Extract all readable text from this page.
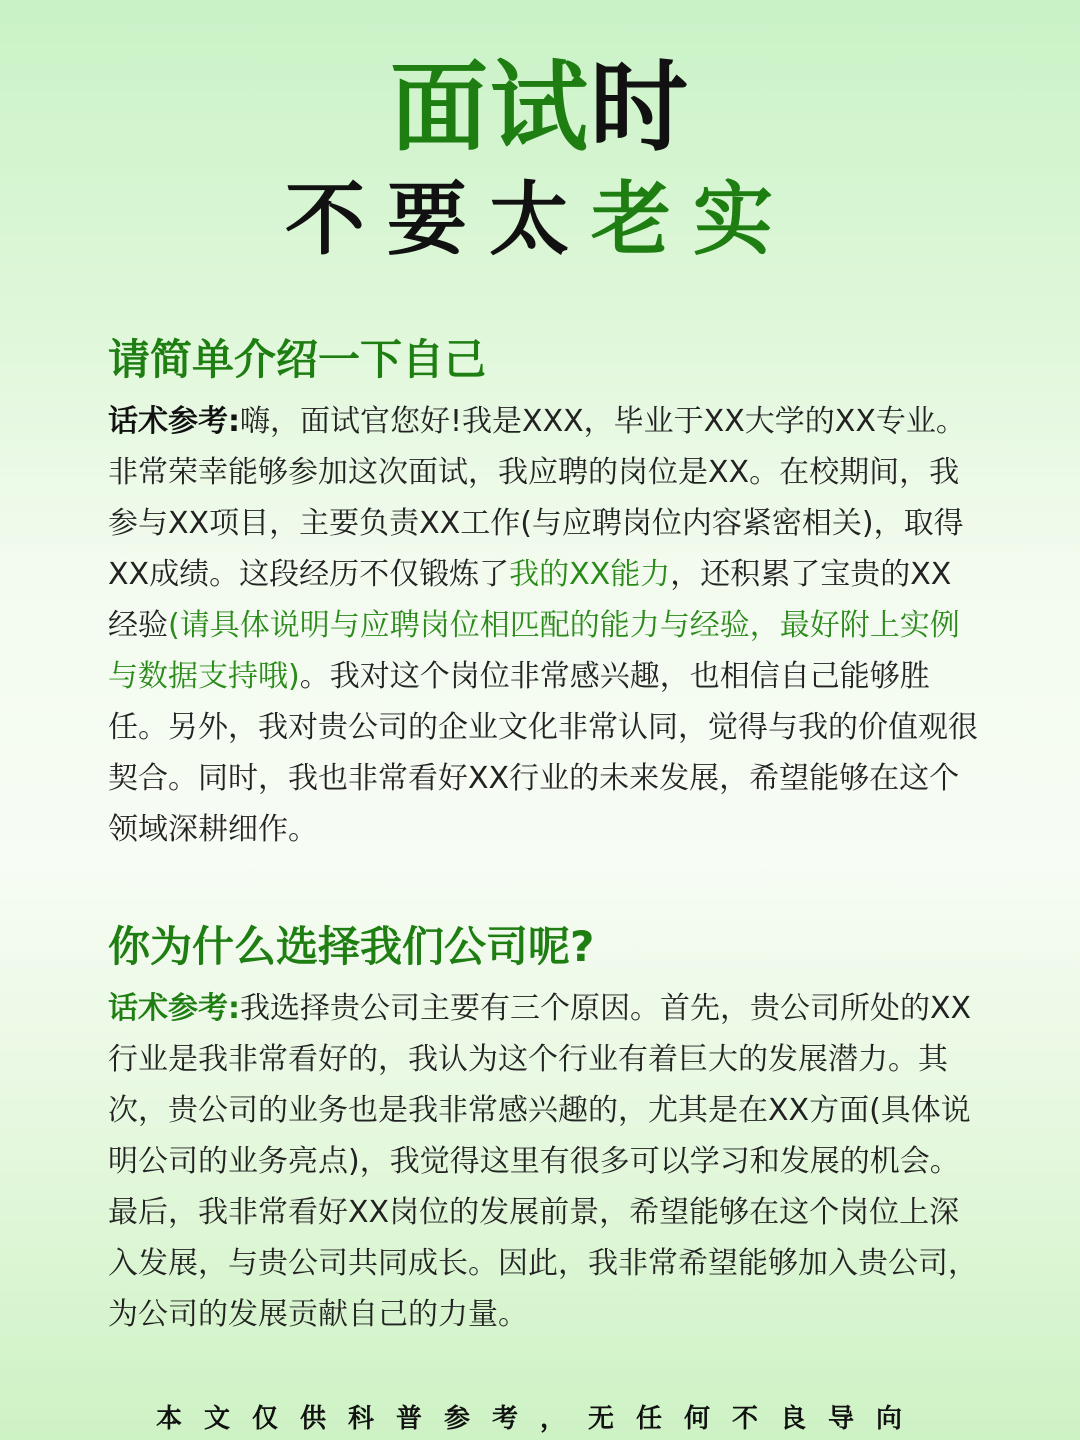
面试时
不要太老实
请简单介绍一下自己
话术参考:嗨，面试官您好!我是XXX，毕业于XX大学的XX专业。非常荣幸能够参加这次面试，我应聘的岗位是XX。在校期间，我参与XX项目，主要负责XX工作(与应聘岗位内容紧密相关)，取得XX成绩。这段经历不仅锻炼了我的XX能力，还积累了宝贵的XX经验(请具体说明与应聘岗位相匹配的能力与经验，最好附上实例与数据支持哦)。我对这个岗位非常感兴趣，也相信自己能够胜任。另外，我对贵公司的企业文化非常认同，觉得与我的价值观很契合。同时，我也非常看好XX行业的未来发展，希望能够在这个领域深耕细作。
你为什么选择我们公司呢?
话术参考:我选择贵公司主要有三个原因。首先，贵公司所处的XX行业是我非常看好的，我认为这个行业有着巨大的发展潜力。其次，贵公司的业务也是我非常感兴趣的，尤其是在XX方面(具体说明公司的业务亮点)，我觉得这里有很多可以学习和发展的机会。最后，我非常看好XX岗位的发展前景，希望能够在这个岗位上深入发展，与贵公司共同成长。因此，我非常希望能够加入贵公司，为公司的发展贡献自己的力量。
本文仅供科普参考，无任何不良导向
